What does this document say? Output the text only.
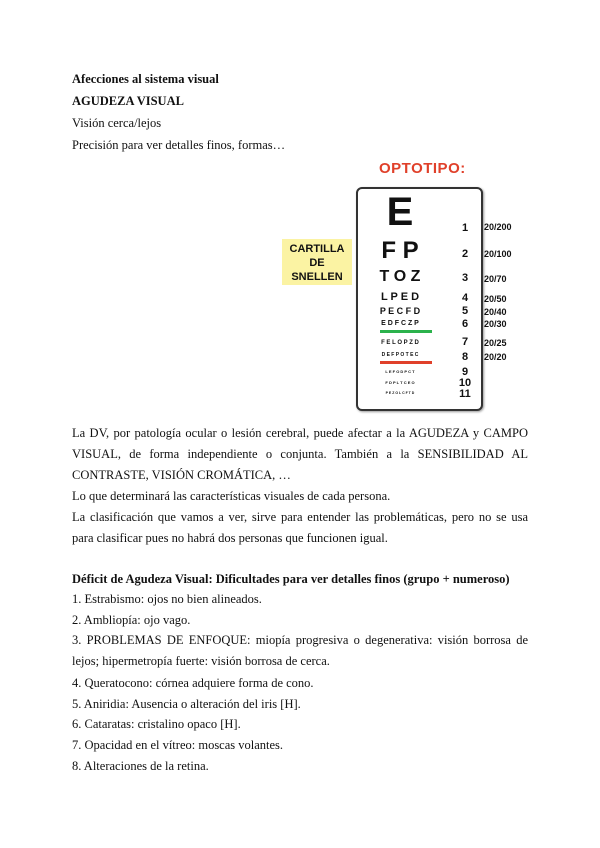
Afecciones al sistema visual
AGUDEZA VISUAL
Visión cerca/lejos
Precisión para ver detalles finos, formas…
OPTOTIPO:
CARTILLA
DE
SNELLEN
E
F P
T O Z
L P E D
P E C F D
E D F C Z P
F E L O P Z D
D E F P O T E C
L E F O D P C T
F D P L T C E O
P E Z O L C F T D
1
2
3
4
5
6
7
8
9
10
11
20/200
20/100
20/70
20/50
20/40
20/30
20/25
20/20
La DV, por patología ocular o lesión cerebral, puede afectar a la AGUDEZA y CAMPO VISUAL, de forma independiente o conjunta. También a la SENSIBILIDAD AL CONTRASTE, VISIÓN CROMÁTICA, …
Lo que determinará las características visuales de cada persona.
La clasificación que vamos a ver, sirve para entender las problemáticas, pero no se usa para clasificar pues no habrá dos personas que funcionen igual.
Déficit de Agudeza Visual: Dificultades para ver detalles finos (grupo + numeroso)
1. Estrabismo: ojos no bien alineados.
2. Ambliopía: ojo vago.
3. PROBLEMAS DE ENFOQUE: miopía progresiva o degenerativa: visión borrosa de lejos; hipermetropía fuerte: visión borrosa de cerca.
4. Queratocono: córnea adquiere forma de cono.
5. Aniridia: Ausencia o alteración del iris [H].
6. Cataratas: cristalino opaco [H].
7. Opacidad en el vítreo: moscas volantes.
8. Alteraciones de la retina.
